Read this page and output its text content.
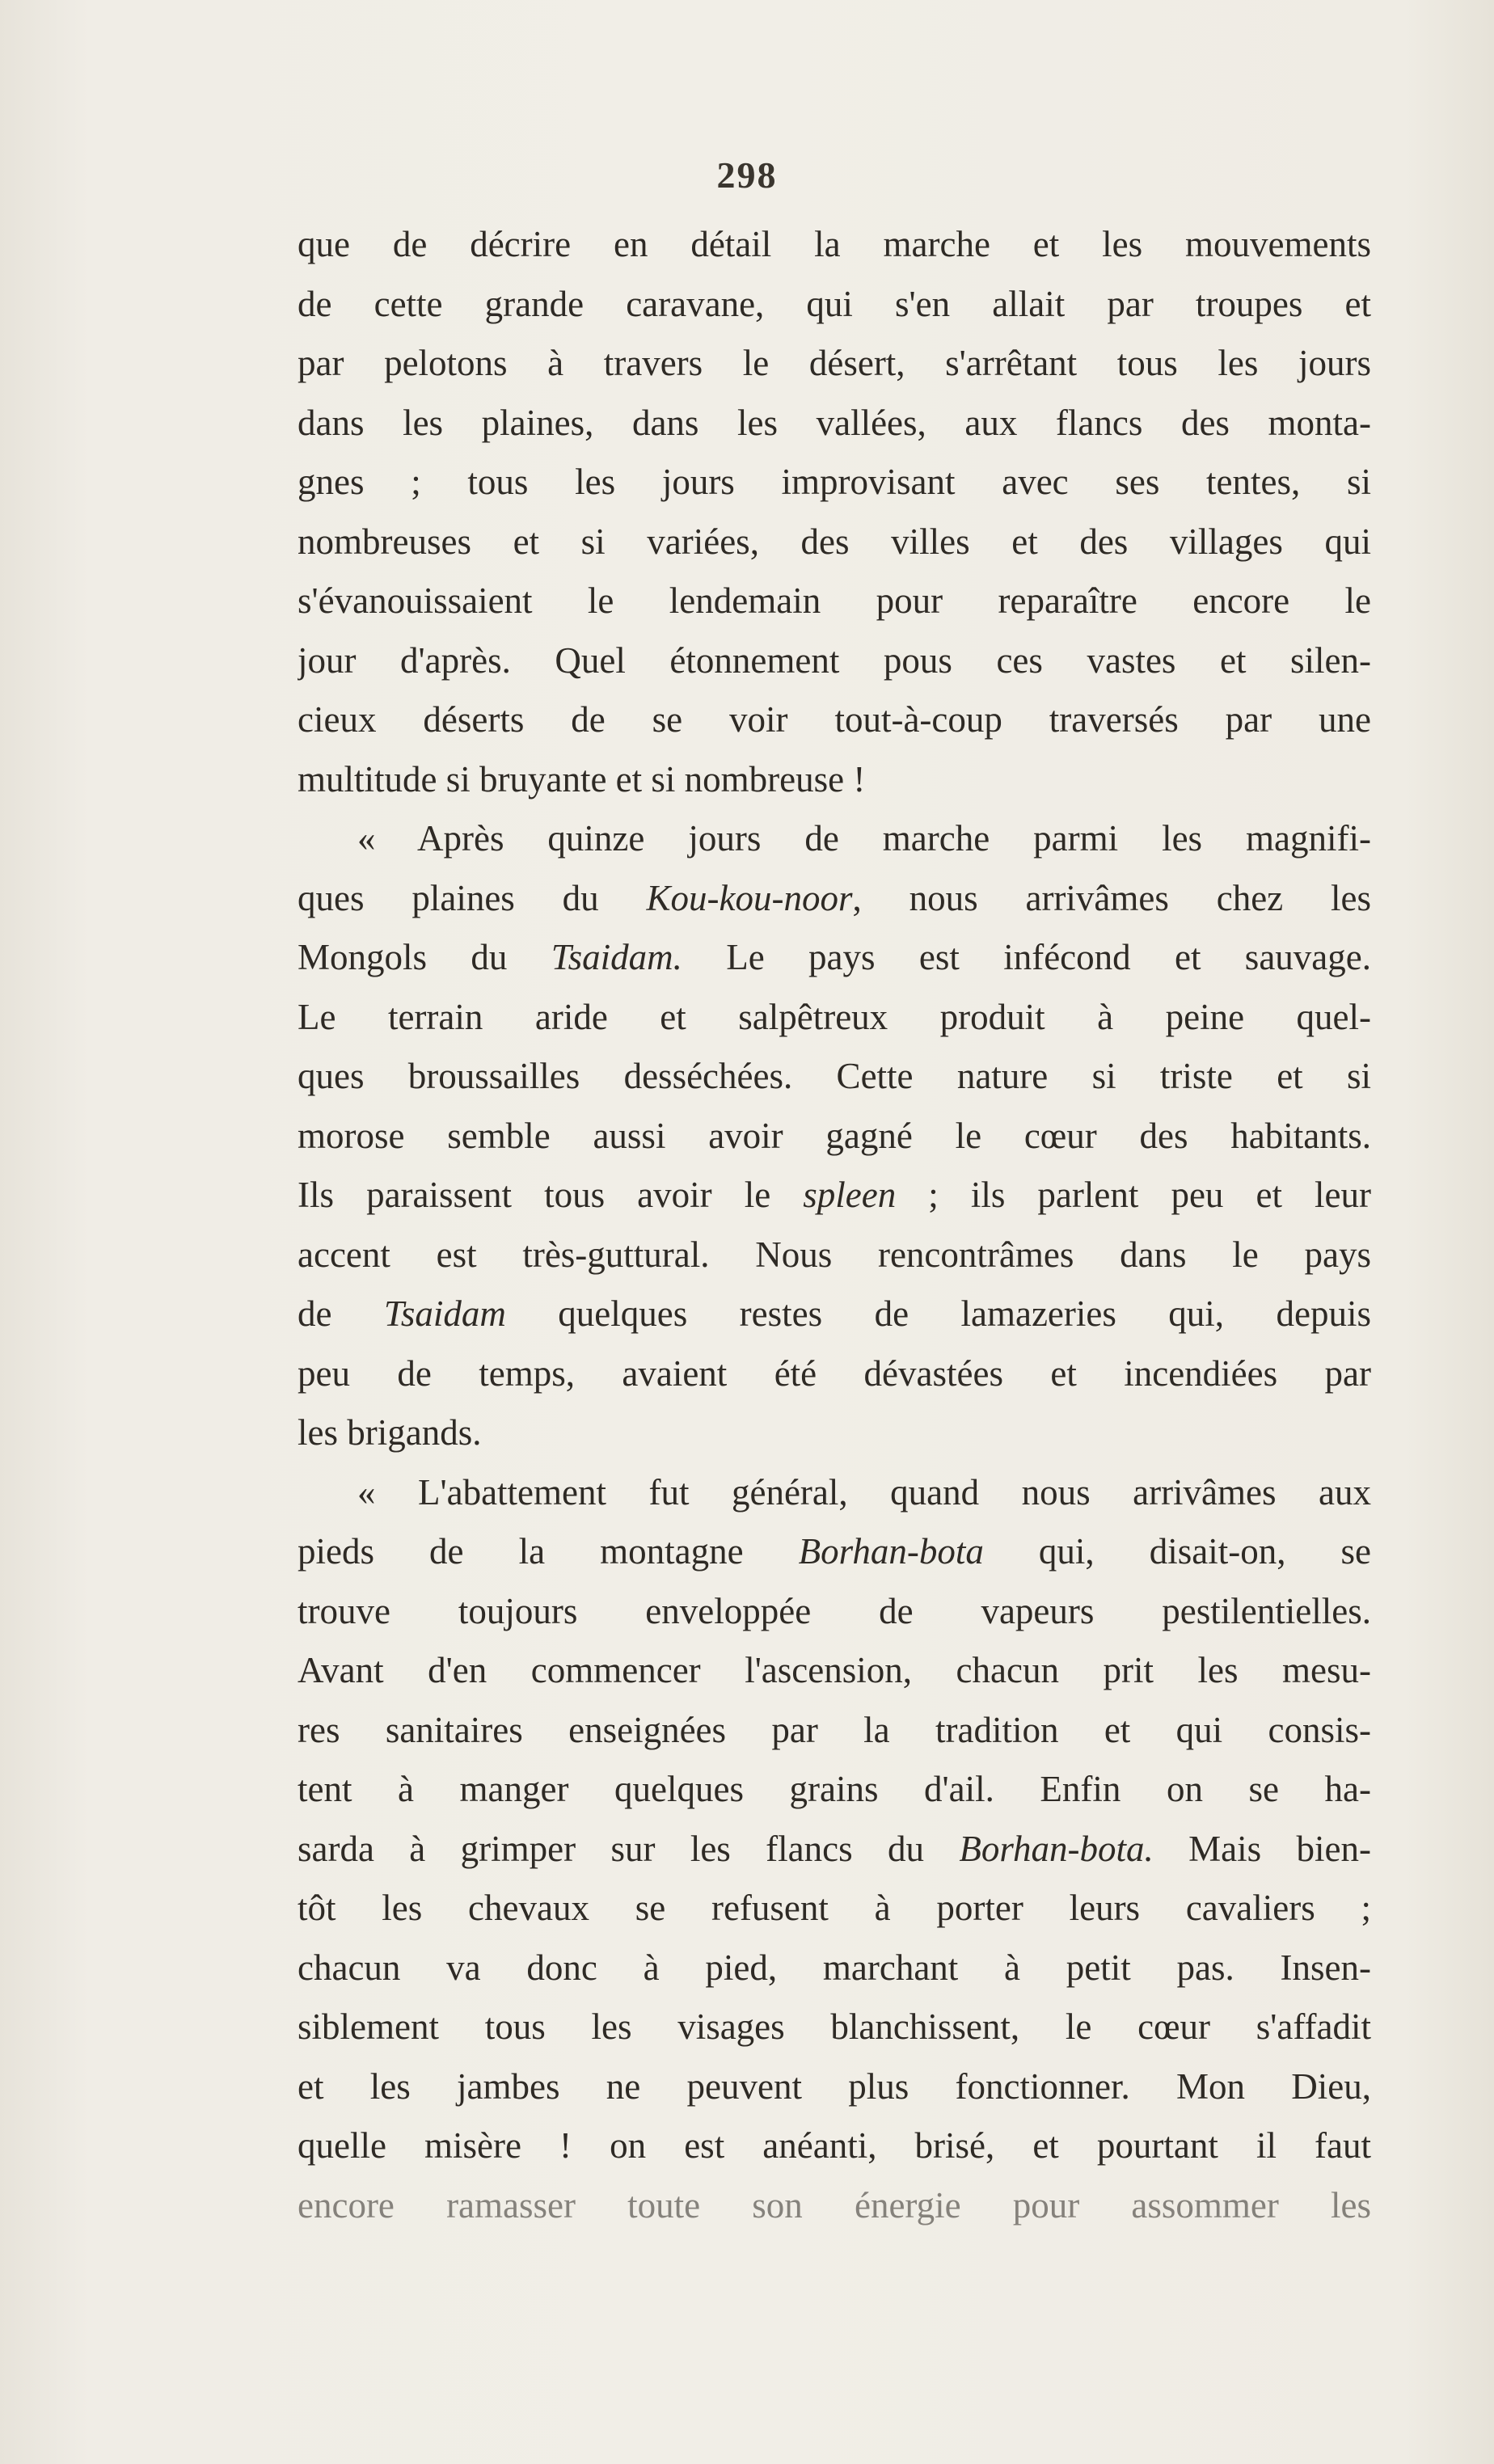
298
que de décrire en détail la marche et les mouvements
de cette grande caravane, qui s'en allait par troupes et
par pelotons à travers le désert, s'arrêtant tous les jours
dans les plaines, dans les vallées, aux flancs des monta-
gnes ; tous les jours improvisant avec ses tentes, si
nombreuses et si variées, des villes et des villages qui
s'évanouissaient le lendemain pour reparaître encore le
jour d'après. Quel étonnement pous ces vastes et silen-
cieux déserts de se voir tout-à-coup traversés par une
multitude si bruyante et si nombreuse !
« Après quinze jours de marche parmi les magnifi-
ques plaines du Kou-kou-noor, nous arrivâmes chez les
Mongols du Tsaidam. Le pays est infécond et sauvage.
Le terrain aride et salpêtreux produit à peine quel-
ques broussailles desséchées. Cette nature si triste et si
morose semble aussi avoir gagné le cœur des habitants.
Ils paraissent tous avoir le spleen ; ils parlent peu et leur
accent est très-guttural. Nous rencontrâmes dans le pays
de Tsaidam quelques restes de lamazeries qui, depuis
peu de temps, avaient été dévastées et incendiées par
les brigands.
« L'abattement fut général, quand nous arrivâmes aux
pieds de la montagne Borhan-bota qui, disait-on, se
trouve toujours enveloppée de vapeurs pestilentielles.
Avant d'en commencer l'ascension, chacun prit les mesu-
res sanitaires enseignées par la tradition et qui consis-
tent à manger quelques grains d'ail. Enfin on se ha-
sarda à grimper sur les flancs du Borhan-bota. Mais bien-
tôt les chevaux se refusent à porter leurs cavaliers ;
chacun va donc à pied, marchant à petit pas. Insen-
siblement tous les visages blanchissent, le cœur s'affadit
et les jambes ne peuvent plus fonctionner. Mon Dieu,
quelle misère ! on est anéanti, brisé, et pourtant il faut
encore ramasser toute son énergie pour assommer les
